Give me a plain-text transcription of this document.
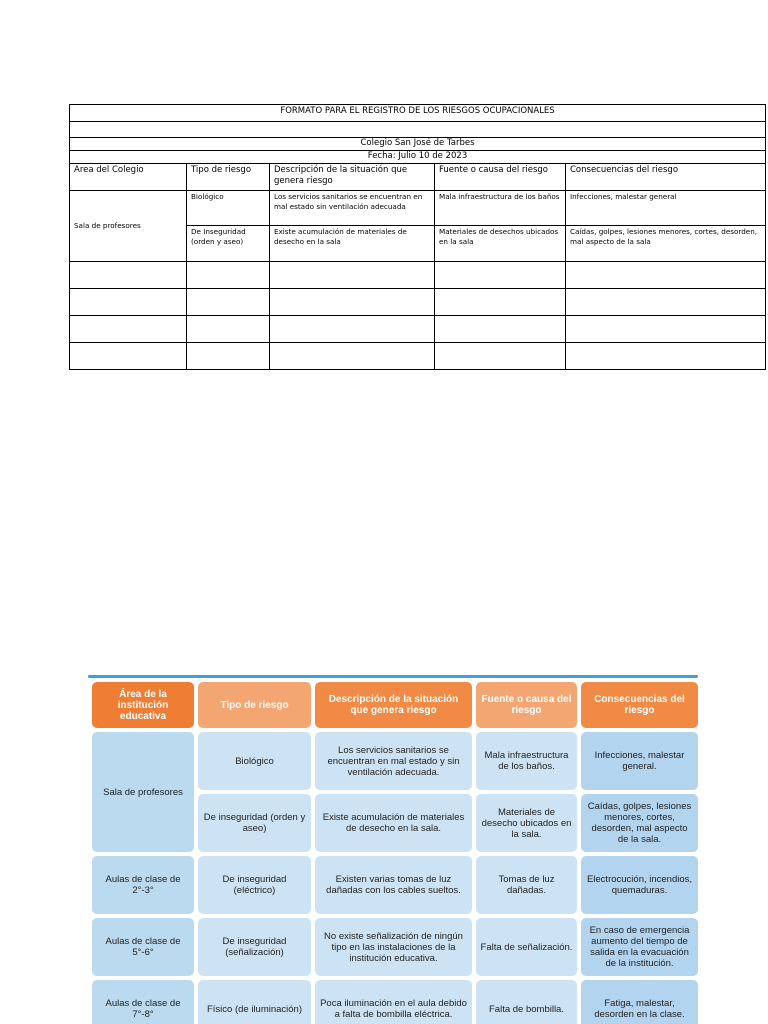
FORMATO PARA EL REGISTRO DE LOS RIESGOS OCUPACIONALES				

Colegio San José de Tarbes				
Fecha: Julio 10 de 2023				
Area del Colegio	Tipo de riesgo	Descripción de la situación que genera riesgo	Fuente o causa del riesgo	Consecuencias del riesgo
Sala de profesores	Biológico	Los servicios sanitarios se encuentran en mal estado sin ventilación adecuada	Mala infraestructura de los baños	Infecciones, malestar general
	De Inseguridad (orden y aseo)	Existe acumulación de materiales de desecho en la sala	Materiales de desechos ubicados en la sala	Caídas, golpes, lesiones menores, cortes, desorden, mal aspecto de la sala

Área de la institución educativa	Tipo de riesgo	Descripción de la situación que genera riesgo	Fuente o causa del riesgo	Consecuencias del riesgo
Sala de profesores	Biológico	Los servicios sanitarios se encuentran en mal estado y sin ventilación adecuada.	Mala infraestructura de los baños.	Infecciones, malestar general.
	De inseguridad (orden y aseo)	Existe acumulación de materiales de desecho en la sala.	Materiales de desecho ubicados en la sala.	Caídas, golpes, lesiones menores, cortes, desorden, mal aspecto de la sala.
Aulas de clase de 2°-3°	De inseguridad (eléctrico)	Existen varias tomas de luz dañadas con los cables sueltos.	Tomas de luz dañadas.	Electrocución, incendios, quemaduras.
Aulas de clase de 5°-6°	De inseguridad (señalización)	No existe señalización de ningún tipo en las instalaciones de la institución educativa.	Falta de señalización.	En caso de emergencia aumento del tiempo de salida en la evacuación de la institución.
Aulas de clase de 7°-8°	Físico (de iluminación)	Poca iluminación en el aula debido a falta de bombilla eléctrica.	Falta de bombilla.	Fatiga, malestar, desorden en la clase.
